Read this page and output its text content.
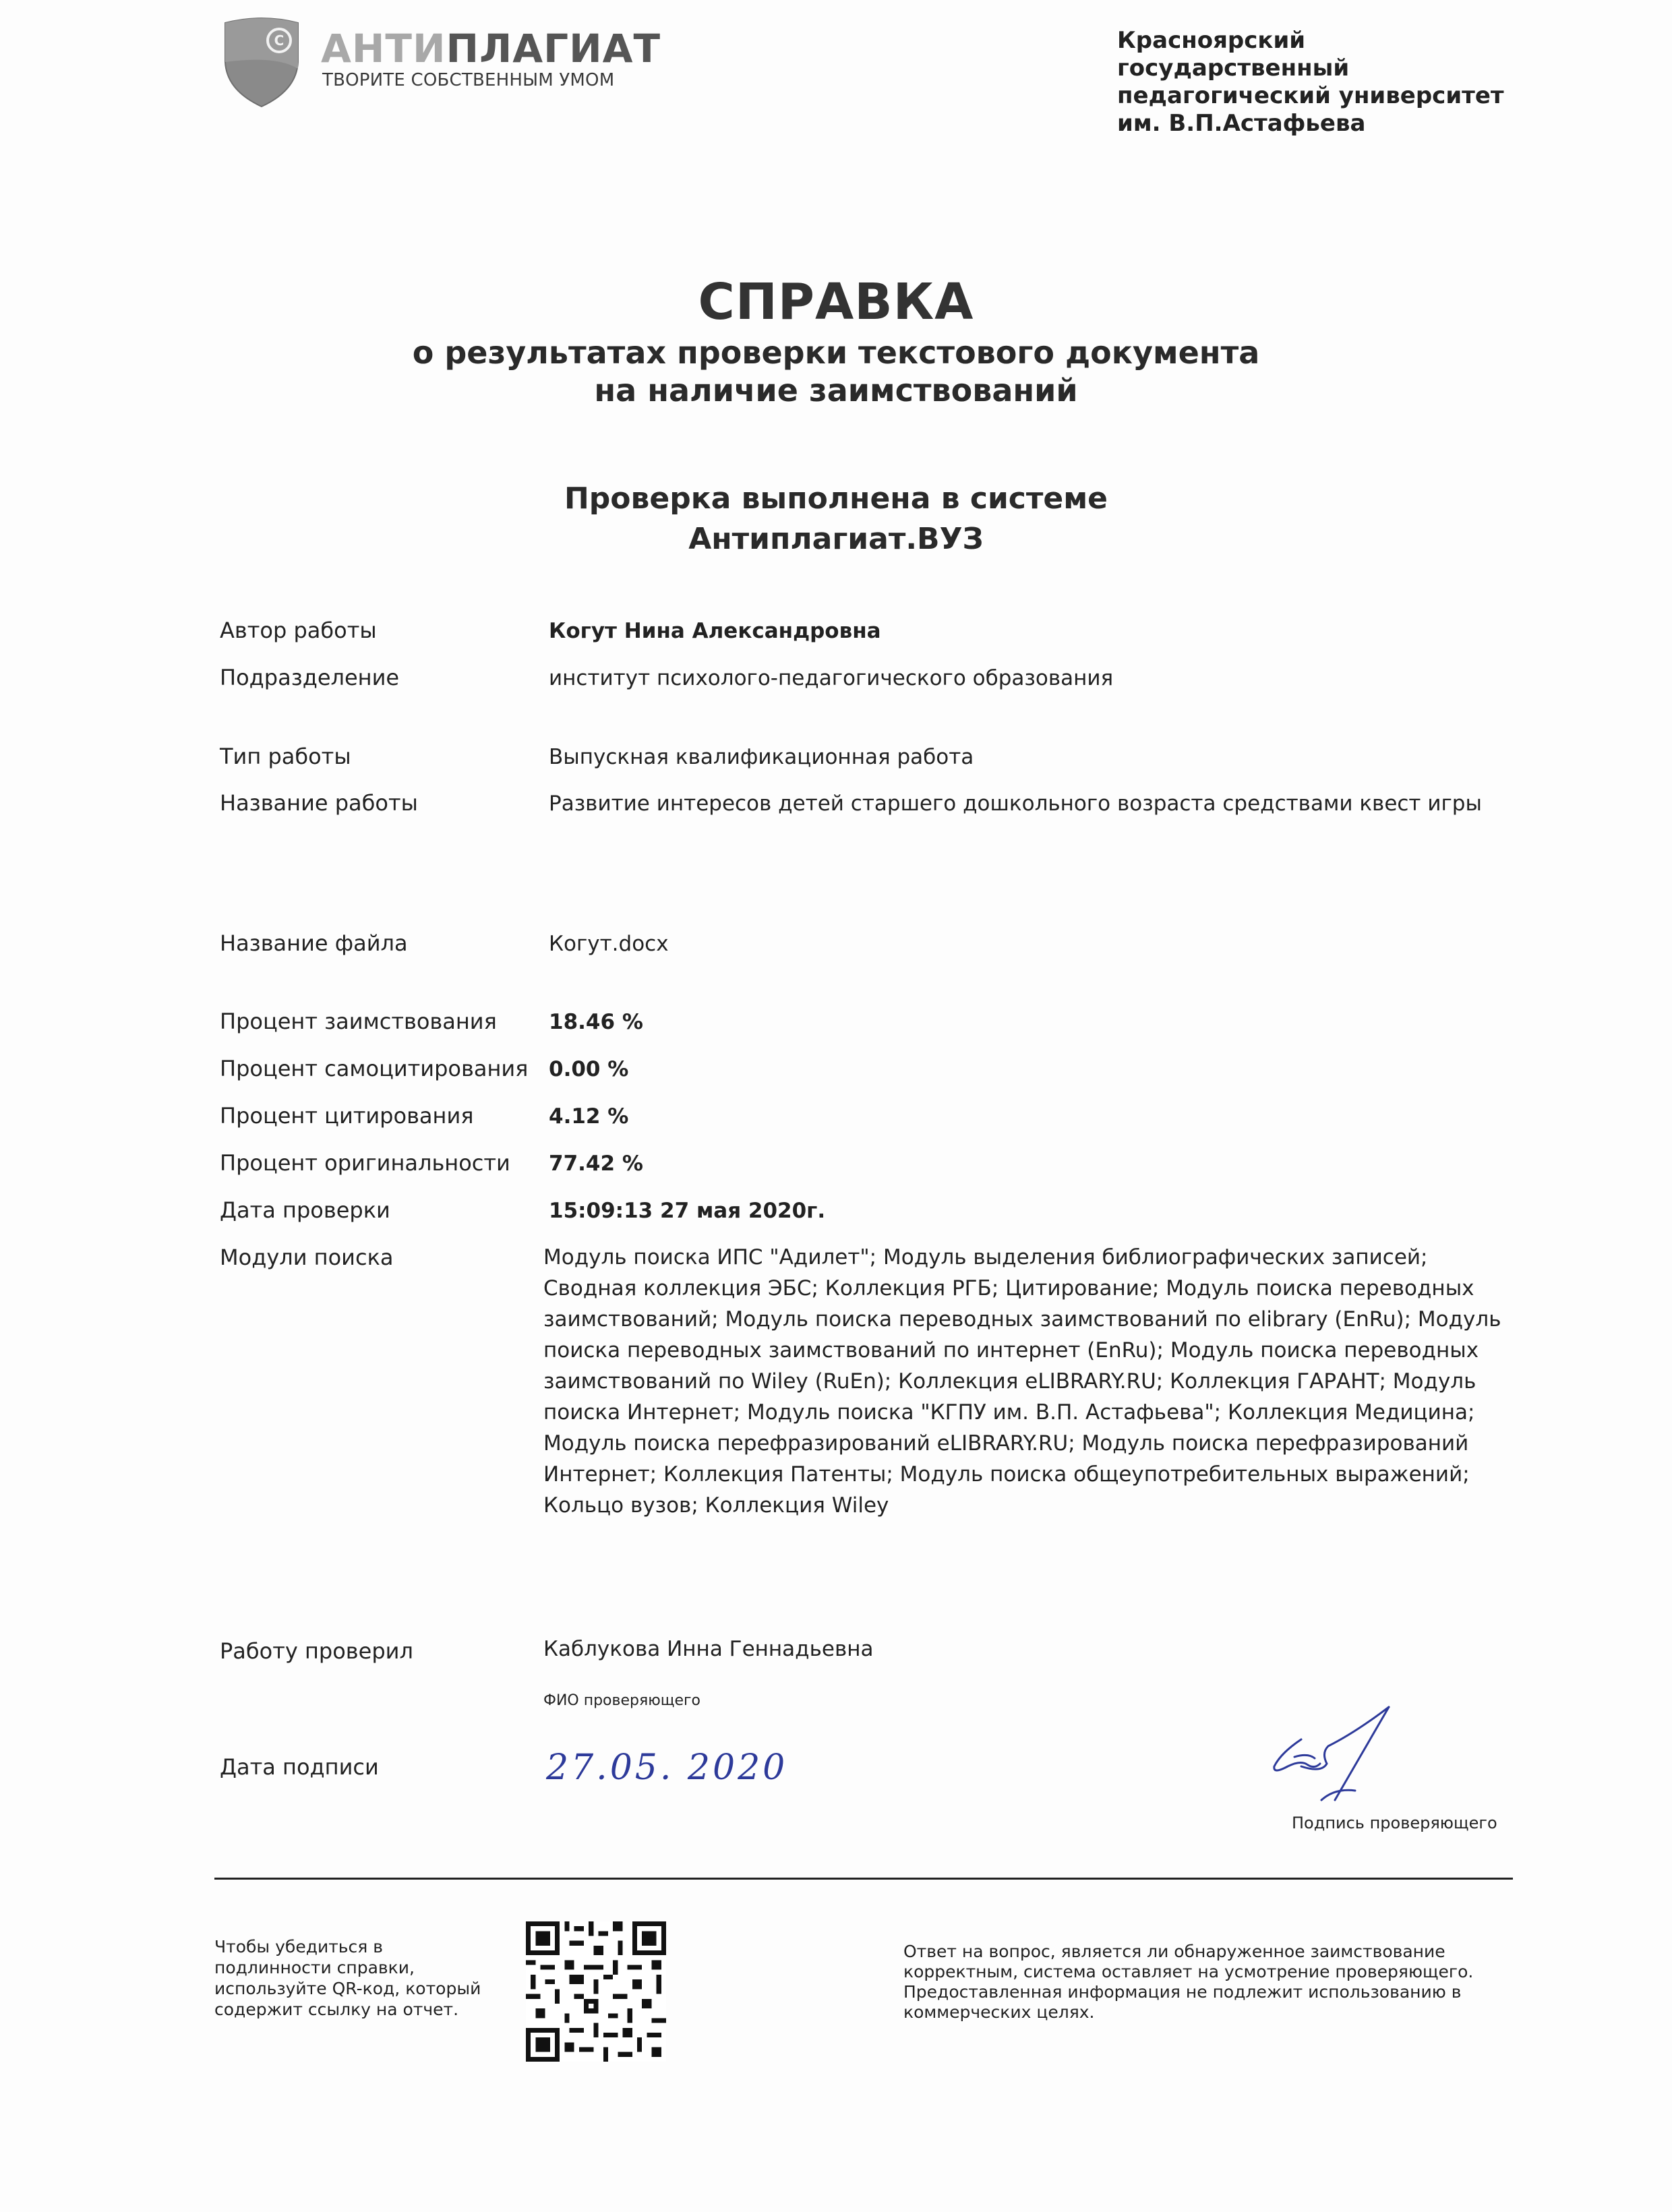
C АНТИПЛАГИАТ
ТВОРИТЕ СОБСТВЕННЫМ УМОМ
Красноярский
государственный
педагогический университет
им. В.П.Астафьева
СПРАВКА
о результатах проверки текстового документа
на наличие заимствований
Проверка выполнена в системе
Антиплагиат.ВУЗ
Автор работы	Когут Нина Александровна
Подразделение	институт психолого-педагогического образования
Тип работы	Выпускная квалификационная работа
Название работы	Развитие интересов детей старшего дошкольного возраста средствами квест игры
Название файла	Когут.docx
Процент заимствования 18.46 %
Процент самоцитирования 0.00 %
Процент цитирования	4.12 %
Процент оригинальности 77.42 %
Дата проверки	15:09:13 27 мая 2020г.
Модули поиска	Модуль поиска ИПС "Адилет"; Модуль выделения библиографических записей; Сводная коллекция ЭБС; Коллекция РГБ; Цитирование; Модуль поиска переводных заимствований; Модуль поиска переводных заимствований по elibrary (EnRu); Модуль поиска переводных заимствований по интернет (EnRu); Модуль поиска переводных заимствований по Wiley (RuEn); Коллекция eLIBRARY.RU; Коллекция ГАРАНТ; Модуль поиска Интернет; Модуль поиска "КГПУ им. В.П. Астафьева"; Коллекция Медицина; Модуль поиска перефразирований eLIBRARY.RU; Модуль поиска перефразирований Интернет; Коллекция Патенты; Модуль поиска общеупотребительных выражений; Кольцо вузов; Коллекция Wiley
Работу проверил	Каблукова Инна Геннадьевна
ФИО проверяющего
Дата подписи	27.05. 2020
Подпись проверяющего
Чтобы убедиться в подлинности справки, используйте QR-код, который содержит ссылку на отчет.
Ответ на вопрос, является ли обнаруженное заимствование корректным, система оставляет на усмотрение проверяющего. Предоставленная информация не подлежит использованию в коммерческих целях.
